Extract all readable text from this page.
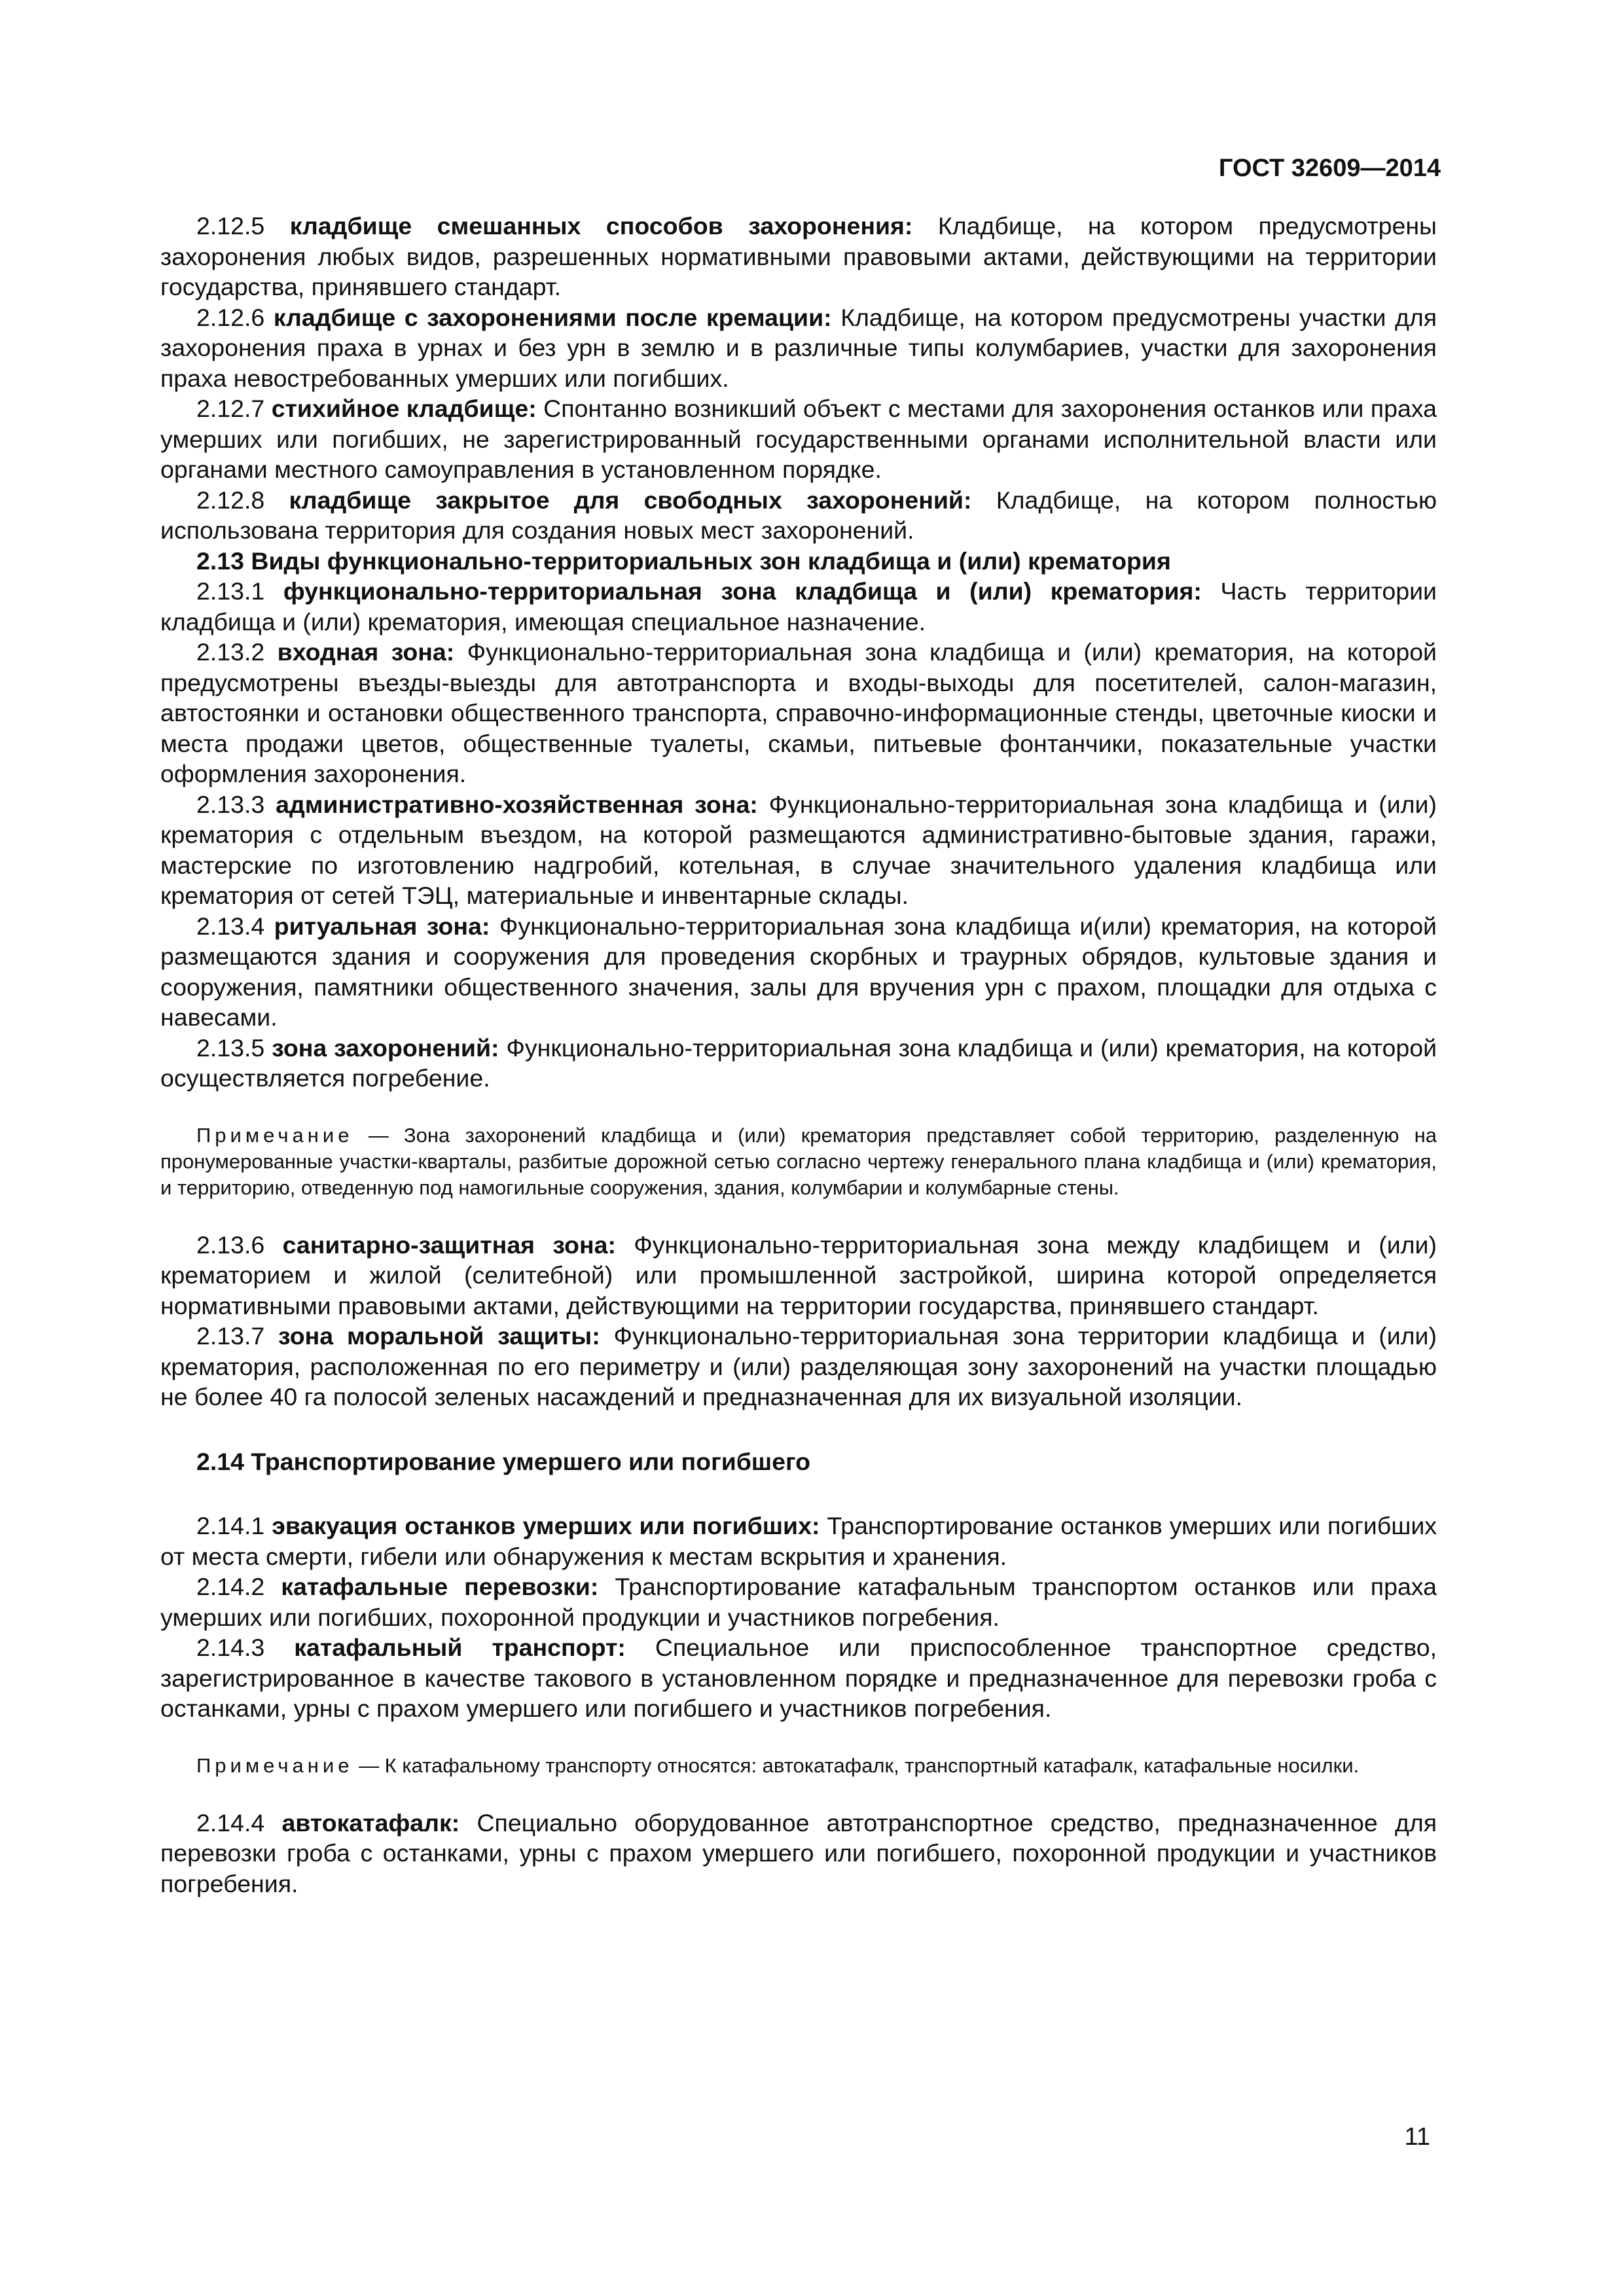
ГОСТ 32609—2014

2.12.5 кладбище смешанных способов захоронения: Кладбище, на котором предусмотрены захоронения любых видов, разрешенных нормативными правовыми актами, действующими на территории государства, принявшего стандарт.

2.12.6 кладбище с захоронениями после кремации: Кладбище, на котором предусмотрены участки для захоронения праха в урнах и без урн в землю и в различные типы колумбариев, участки для захоронения праха невостребованных умерших или погибших.

2.12.7 стихийное кладбище: Спонтанно возникший объект с местами для захоронения останков или праха умерших или погибших, не зарегистрированный государственными органами исполнительной власти или органами местного самоуправления в установленном порядке.

2.12.8 кладбище закрытое для свободных захоронений: Кладбище, на котором полностью использована территория для создания новых мест захоронений.

2.13 Виды функционально-территориальных зон кладбища и (или) крематория

2.13.1 функционально-территориальная зона кладбища и (или) крематория: Часть территории кладбища и (или) крематория, имеющая специальное назначение.

2.13.2 входная зона: Функционально-территориальная зона кладбища и (или) крематория, на которой предусмотрены въезды-выезды для автотранспорта и входы-выходы для посетителей, салон-магазин, автостоянки и остановки общественного транспорта, справочно-информационные стенды, цветочные киоски и места продажи цветов, общественные туалеты, скамьи, питьевые фонтанчики, показательные участки оформления захоронения.

2.13.3 административно-хозяйственная зона: Функционально-территориальная зона кладбища и (или) крематория с отдельным въездом, на которой размещаются административно-бытовые здания, гаражи, мастерские по изготовлению надгробий, котельная, в случае значительного удаления кладбища или крематория от сетей ТЭЦ, материальные и инвентарные склады.

2.13.4 ритуальная зона: Функционально-территориальная зона кладбища и(или) крематория, на которой размещаются здания и сооружения для проведения скорбных и траурных обрядов, культовые здания и сооружения, памятники общественного значения, залы для вручения урн с прахом, площадки для отдыха с навесами.

2.13.5 зона захоронений: Функционально-территориальная зона кладбища и (или) крематория, на которой осуществляется погребение.

Примечание — Зона захоронений кладбища и (или) крематория представляет собой территорию, разделенную на пронумерованные участки-кварталы, разбитые дорожной сетью согласно чертежу генерального плана кладбища и (или) крематория, и территорию, отведенную под намогильные сооружения, здания, колумбарии и колумбарные стены.

2.13.6 санитарно-защитная зона: Функционально-территориальная зона между кладбищем и (или) крематорием и жилой (селитебной) или промышленной застройкой, ширина которой определяется нормативными правовыми актами, действующими на территории государства, принявшего стандарт.

2.13.7 зона моральной защиты: Функционально-территориальная зона территории кладбища и (или) крематория, расположенная по его периметру и (или) разделяющая зону захоронений на участки площадью не более 40 га полосой зеленых насаждений и предназначенная для их визуальной изоляции.

2.14 Транспортирование умершего или погибшего

2.14.1 эвакуация останков умерших или погибших: Транспортирование останков умерших или погибших от места смерти, гибели или обнаружения к местам вскрытия и хранения.

2.14.2 катафальные перевозки: Транспортирование катафальным транспортом останков или праха умерших или погибших, похоронной продукции и участников погребения.

2.14.3 катафальный транспорт: Специальное или приспособленное транспортное средство, зарегистрированное в качестве такового в установленном порядке и предназначенное для перевозки гроба с останками, урны с прахом умершего или погибшего и участников погребения.

Примечание — К катафальному транспорту относятся: автокатафалк, транспортный катафалк, катафальные носилки.

2.14.4 автокатафалк: Специально оборудованное автотранспортное средство, предназначенное для перевозки гроба с останками, урны с прахом умершего или погибшего, похоронной продукции и участников погребения.

11
